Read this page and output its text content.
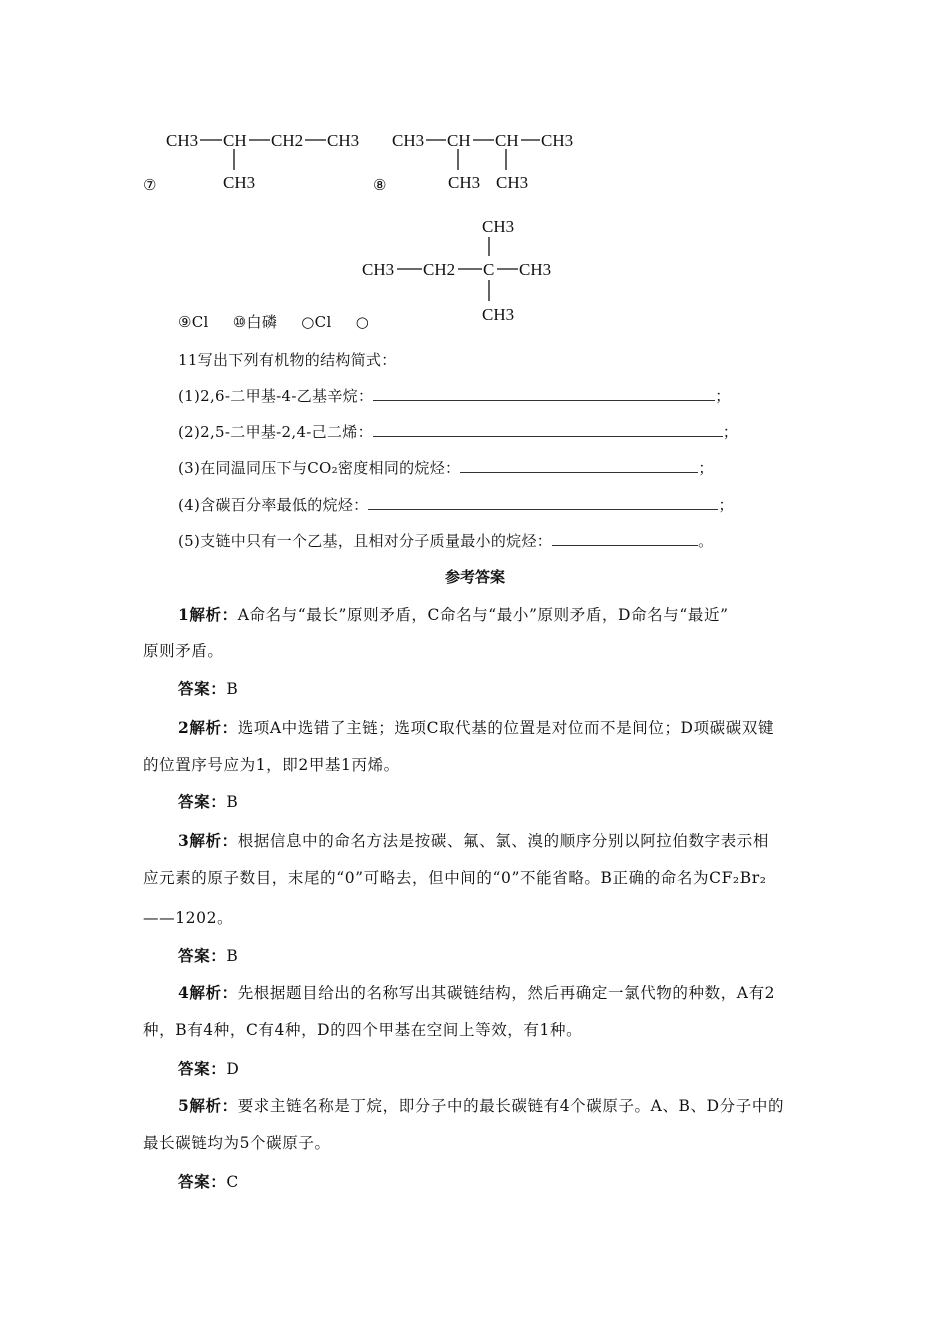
CH3 CH CH2 CH3
CH3
⑦
CH3 CH CH CH3
CH3 CH3
⑧
CH3
CH3 CH2 C CH3
CH3
⑨Cl ⑩白磷 ○Cl ○
11写出下列有机物的结构简式：
(1)2,6-二甲基-4-乙基辛烷：	；
(2)2,5-二甲基-2,4-己二烯：	；
(3)在同温同压下与CO₂密度相同的烷烃：	；
(4)含碳百分率最低的烷烃：	；
(5)支链中只有一个乙基，且相对分子质量最小的烷烃：	。
参考答案
1解析：A命名与“最长”原则矛盾，C命名与“最小”原则矛盾，D命名与“最近”
原则矛盾。
答案：B
2解析：选项A中选错了主链；选项C取代基的位置是对位而不是间位；D项碳碳双键
的位置序号应为1，即2甲基1丙烯。
答案：B
3解析：根据信息中的命名方法是按碳、氟、氯、溴的顺序分别以阿拉伯数字表示相
应元素的原子数目，末尾的“0”可略去，但中间的“0”不能省略。B正确的命名为CF₂Br₂
——1202。
答案：B
4解析：先根据题目给出的名称写出其碳链结构，然后再确定一氯代物的种数，A有2
种，B有4种，C有4种，D的四个甲基在空间上等效，有1种。
答案：D
5解析：要求主链名称是丁烷，即分子中的最长碳链有4个碳原子。A、B、D分子中的
最长碳链均为5个碳原子。
答案：C
